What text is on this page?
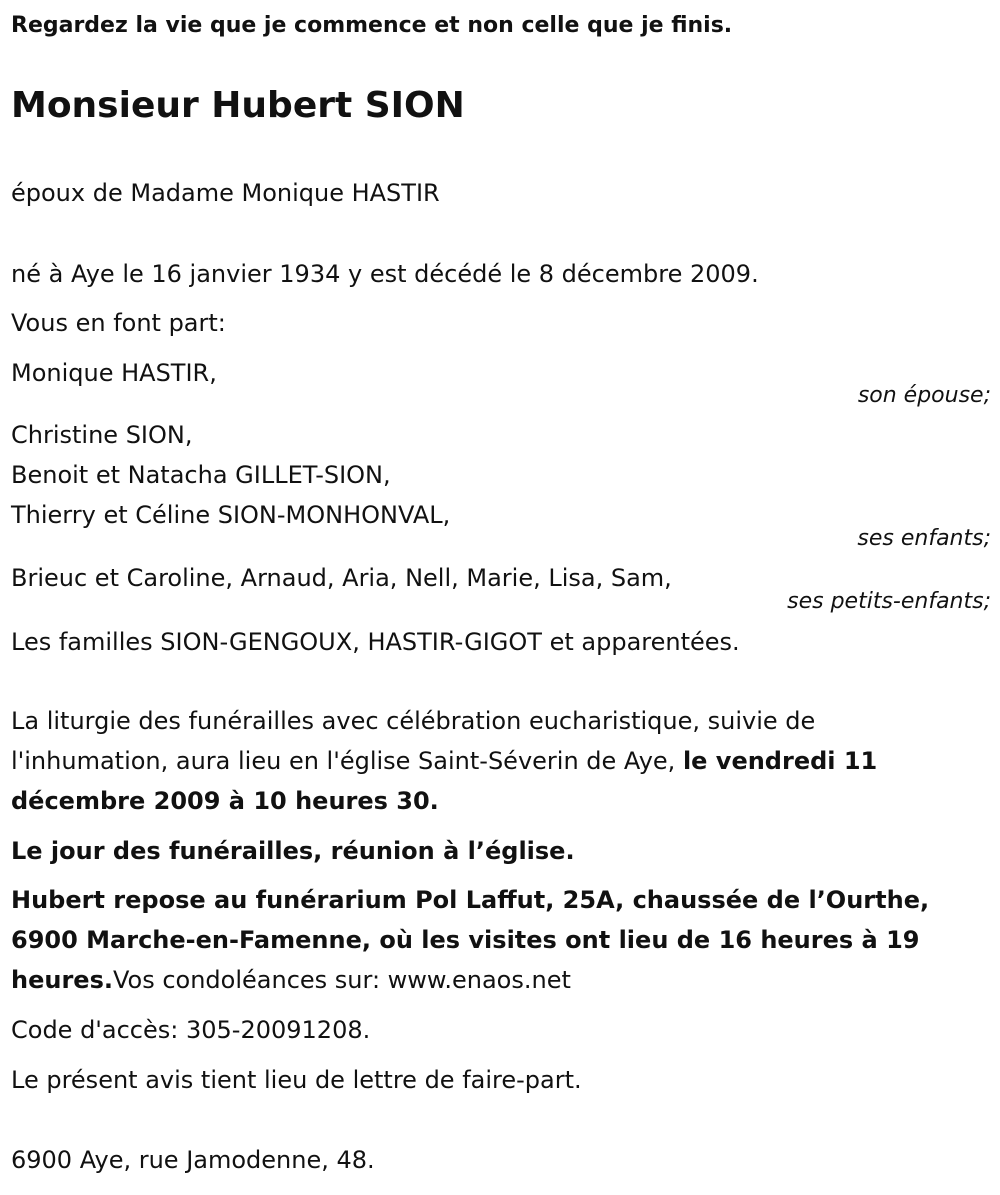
Regardez la vie que je commence et non celle que je finis.
Monsieur Hubert SION
époux de Madame Monique HASTIR
né à Aye le 16 janvier 1934 y est décédé le 8 décembre 2009.
Vous en font part:
Monique HASTIR,
son épouse;
Christine SION,
Benoit et Natacha GILLET-SION,
Thierry et Céline SION-MONHONVAL,
ses enfants;
Brieuc et Caroline, Arnaud, Aria, Nell, Marie, Lisa, Sam,
ses petits-enfants;
Les familles SION-GENGOUX, HASTIR-GIGOT et apparentées.
La liturgie des funérailles avec célébration eucharistique, suivie de
l'inhumation, aura lieu en l'église Saint-Séverin de Aye, le vendredi 11
décembre 2009 à 10 heures 30.
Le jour des funérailles, réunion à l’église.
Hubert repose au funérarium Pol Laffut, 25A, chaussée de l’Ourthe,
6900 Marche-en-Famenne, où les visites ont lieu de 16 heures à 19
heures.Vos condoléances sur: www.enaos.net
Code d'accès: 305-20091208.
Le présent avis tient lieu de lettre de faire-part.
6900 Aye, rue Jamodenne, 48.
